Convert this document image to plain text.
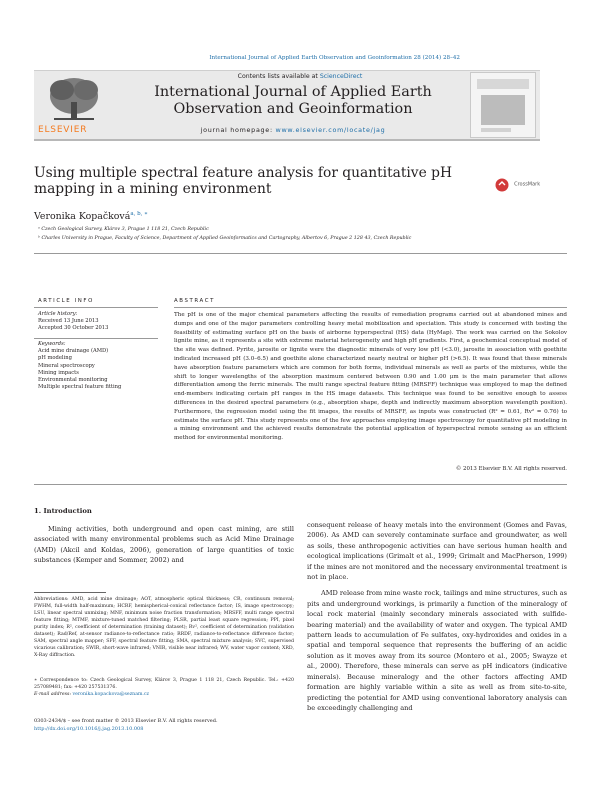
International Journal of Applied Earth Observation and Geoinformation 28 (2014) 28–42
ELSEVIER
Contents lists available at ScienceDirect
International Journal of Applied Earth Observation and Geoinformation
journal homepage: www.elsevier.com/locate/jag
Using multiple spectral feature analysis for quantitative pH mapping in a mining environment	CrossMark
Veronika Kopačková$^{a, b, ∗}$
ᵃ Czech Geological Survey, Klárov 3, Prague 1 118 21, Czech Republic
ᵇ Charles University in Prague, Faculty of Science, Department of Applied Geoinformatics and Cartography, Albertov 6, Prague 2 128 43, Czech Republic
ARTICLE INFO	ABSTRACT
Article history:
Received 13 June 2013
Accepted 30 October 2013
Keywords:
Acid mine drainage (AMD)
pH modeling
Mineral spectroscopy
Mining impacts
Environmental monitoring
Multiple spectral feature fitting
The pH is one of the major chemical parameters affecting the results of remediation programs carried out at abandoned mines and dumps and one of the major parameters controlling heavy metal mobilization and speciation. This study is concerned with testing the feasibility of estimating surface pH on the basis of airborne hyperspectral (HS) data (HyMap). The work was carried on the Sokolov lignite mine, as it represents a site with extreme material heterogeneity and high pH gradients. First, a geochemical conceptual model of the site was defined. Pyrite, jarosite or lignite were the diagnostic minerals of very low pH (<3.0), jarosite in association with goethite indicated increased pH (3.0–6.5) and goethite alone characterized nearly neutral or higher pH (>6.5). It was found that these minerals have absorption feature parameters which are common for both forms, individual minerals as well as parts of the mixtures, while the shift to longer wavelengths of the absorption maximum centered between 0.90 and 1.00 μm is the main parameter that allows differentiation among the ferric minerals. The multi range spectral feature fitting (MRSFF) technique was employed to map the defined end-members indicating certain pH ranges in the HS image datasets. This technique was found to be sensitive enough to assess differences in the desired spectral parameters (e.g., absorption shape, depth and indirectly maximum absorption wavelength position). Furthermore, the regression model using the fit images, the results of MRSFF, as inputs was constructed (R² = 0.61, Rv² = 0.76) to estimate the surface pH. This study represents one of the few approaches employing image spectroscopy for quantitative pH modeling in a mining environment and the achieved results demonstrate the potential application of hyperspectral remote sensing as an efficient method for environmental monitoring.
© 2013 Elsevier B.V. All rights reserved.
1. Introduction

Mining activities, both underground and open cast mining, are still associated with many environmental problems such as Acid Mine Drainage (AMD) (Akcil and Koldas, 2006), generation of large quantities of toxic substances (Kemper and Sommer, 2002) and

Abbreviations: AMD, acid mine drainage; AOT, atmospheric optical thickness; CR, continuum removal; FWHM, full-width half-maximum; HCRF, hemispherical-conical reflectance factor; IS, image spectroscopy; LSU, linear spectral unmixing; MNF, minimum noise fraction transformation; MRSFF, multi range spectral feature fitting; MTMF, mixture-tuned matched filtering; PLSR, partial least square regression; PPI, pixel purity index; R², coefficient of determination (training dataset); Rv², coefficient of determination (validation dataset); Rad/Ref, at-sensor radiance-to-reflectance ratio; RRDF, radiance-to-reflectance difference factor; SAM, spectral angle mapper; SFF, spectral feature fitting; SMA, spectral mixture analysis; SVC, supervised vicarious calibration; SWIR, short-wave infrared; VNIR, visible near infrared; WV, water vapor content; XRD, X-Ray diffraction.
∗ Correspondence to: Czech Geological Survey, Klárov 3, Prague 1 118 21, Czech Republic. Tel.: +420 257089481; fax: +420 257531376.
E-mail address: veronika.kopackova@seznam.cz
0303-2434/$ – see front matter © 2013 Elsevier B.V. All rights reserved.
http://dx.doi.org/10.1016/j.jag.2013.10.008

consequent release of heavy metals into the environment (Gomes and Favas, 2006). As AMD can severely contaminate surface and groundwater, as well as soils, these anthropogenic activities can have serious human health and ecological implications (Grimalt et al., 1999; Grimalt and MacPherson, 1999) if the mines are not monitored and the necessary environmental treatment is not in place.

AMD release from mine waste rock, tailings and mine structures, such as pits and underground workings, is primarily a function of the mineralogy of local rock material (mainly secondary minerals associated with sulfide-bearing material) and the availability of water and oxygen. The typical AMD pattern leads to accumulation of Fe sulfates, oxy-hydroxides and oxides in a spatial and temporal sequence that represents the buffering of an acidic solution as it moves away from its source (Montero et al., 2005; Swayze et al., 2000). Therefore, these minerals can serve as pH indicators (indicative minerals). Because mineralogy and the other factors affecting AMD formation are highly variable within a site as well as from site-to-site, predicting the potential for AMD using conventional laboratory analysis can be exceedingly challenging and
